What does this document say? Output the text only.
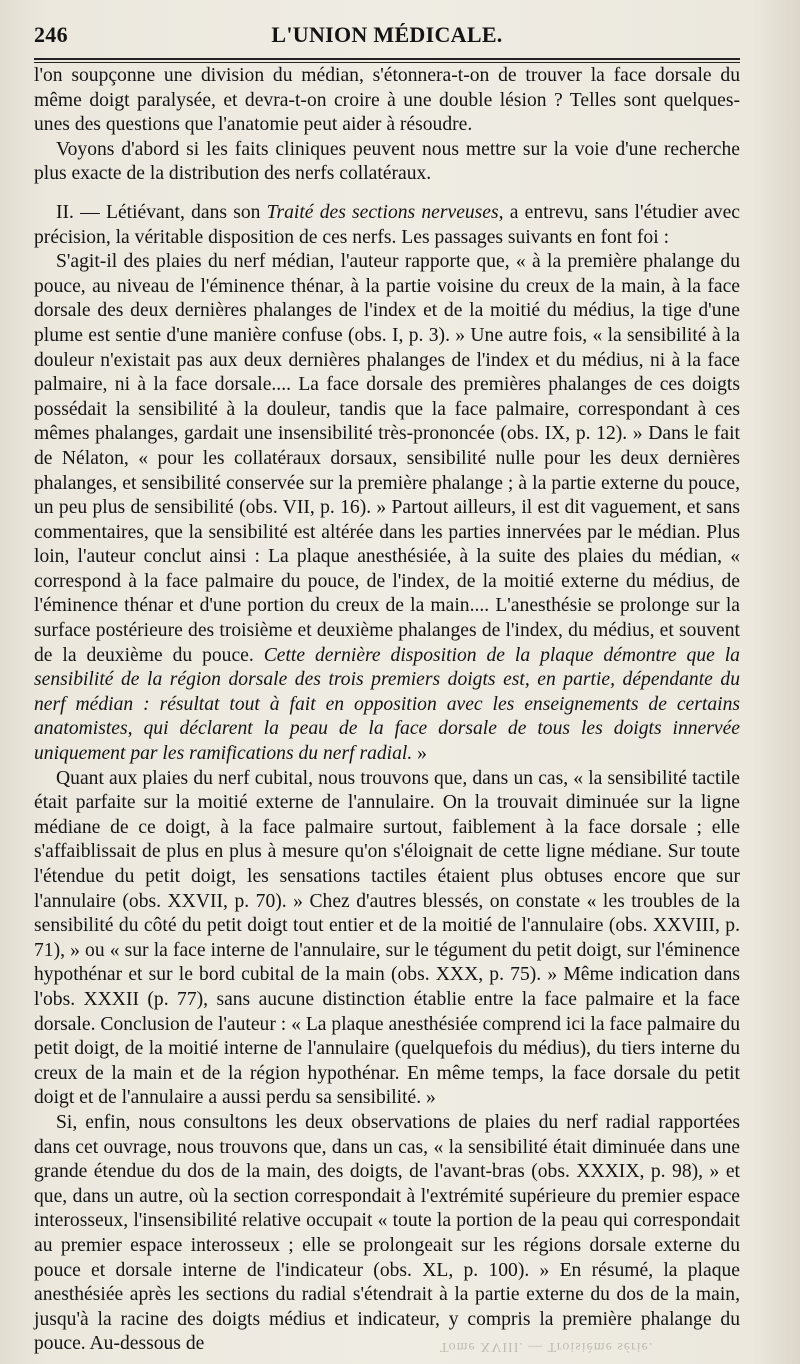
246	L'UNION MÉDICALE.

l'on soupçonne une division du médian, s'étonnera-t-on de trouver la face dorsale du même doigt paralysée, et devra-t-on croire à une double lésion ? Telles sont quelques-unes des questions que l'anatomie peut aider à résoudre.

Voyons d'abord si les faits cliniques peuvent nous mettre sur la voie d'une recherche plus exacte de la distribution des nerfs collatéraux.

II. — Létiévant, dans son Traité des sections nerveuses, a entrevu, sans l'étudier avec précision, la véritable disposition de ces nerfs. Les passages suivants en font foi :

S'agit-il des plaies du nerf médian, l'auteur rapporte que, « à la première phalange du pouce, au niveau de l'éminence thénar, à la partie voisine du creux de la main, à la face dorsale des deux dernières phalanges de l'index et de la moitié du médius, la tige d'une plume est sentie d'une manière confuse (obs. I, p. 3). » Une autre fois, « la sensibilité à la douleur n'existait pas aux deux dernières phalanges de l'index et du médius, ni à la face palmaire, ni à la face dorsale.... La face dorsale des premières phalanges de ces doigts possédait la sensibilité à la douleur, tandis que la face palmaire, correspondant à ces mêmes phalanges, gardait une insensibilité très-prononcée (obs. IX, p. 12). » Dans le fait de Nélaton, « pour les collatéraux dorsaux, sensibilité nulle pour les deux dernières phalanges, et sensibilité conservée sur la première phalange ; à la partie externe du pouce, un peu plus de sensibilité (obs. VII, p. 16). » Partout ailleurs, il est dit vaguement, et sans commentaires, que la sensibilité est altérée dans les parties innervées par le médian. Plus loin, l'auteur conclut ainsi : La plaque anesthésiée, à la suite des plaies du médian, « correspond à la face palmaire du pouce, de l'index, de la moitié externe du médius, de l'éminence thénar et d'une portion du creux de la main.... L'anesthésie se prolonge sur la surface postérieure des troisième et deuxième phalanges de l'index, du médius, et souvent de la deuxième du pouce. Cette dernière disposition de la plaque démontre que la sensibilité de la région dorsale des trois premiers doigts est, en partie, dépendante du nerf médian : résultat tout à fait en opposition avec les enseignements de certains anatomistes, qui déclarent la peau de la face dorsale de tous les doigts innervée uniquement par les ramifications du nerf radial. »

Quant aux plaies du nerf cubital, nous trouvons que, dans un cas, « la sensibilité tactile était parfaite sur la moitié externe de l'annulaire. On la trouvait diminuée sur la ligne médiane de ce doigt, à la face palmaire surtout, faiblement à la face dorsale ; elle s'affaiblissait de plus en plus à mesure qu'on s'éloignait de cette ligne médiane. Sur toute l'étendue du petit doigt, les sensations tactiles étaient plus obtuses encore que sur l'annulaire (obs. XXVII, p. 70). » Chez d'autres blessés, on constate « les troubles de la sensibilité du côté du petit doigt tout entier et de la moitié de l'annulaire (obs. XXVIII, p. 71), » ou « sur la face interne de l'annulaire, sur le tégument du petit doigt, sur l'éminence hypothénar et sur le bord cubital de la main (obs. XXX, p. 75). » Même indication dans l'obs. XXXII (p. 77), sans aucune distinction établie entre la face palmaire et la face dorsale. Conclusion de l'auteur : « La plaque anesthésiée comprend ici la face palmaire du petit doigt, de la moitié interne de l'annulaire (quelquefois du médius), du tiers interne du creux de la main et de la région hypothénar. En même temps, la face dorsale du petit doigt et de l'annulaire a aussi perdu sa sensibilité. »

Si, enfin, nous consultons les deux observations de plaies du nerf radial rapportées dans cet ouvrage, nous trouvons que, dans un cas, « la sensibilité était diminuée dans une grande étendue du dos de la main, des doigts, de l'avant-bras (obs. XXXIX, p. 98), » et que, dans un autre, où la section correspondait à l'extrémité supérieure du premier espace interosseux, l'insensibilité relative occupait « toute la portion de la peau qui correspondait au premier espace interosseux ; elle se prolongeait sur les régions dorsale externe du pouce et dorsale interne de l'indicateur (obs. XL, p. 100). » En résumé, la plaque anesthésiée après les sections du radial s'étendrait à la partie externe du dos de la main, jusqu'à la racine des doigts médius et indicateur, y compris la première phalange du pouce. Au-dessous de	Tome XVIII. — Troisième série.
